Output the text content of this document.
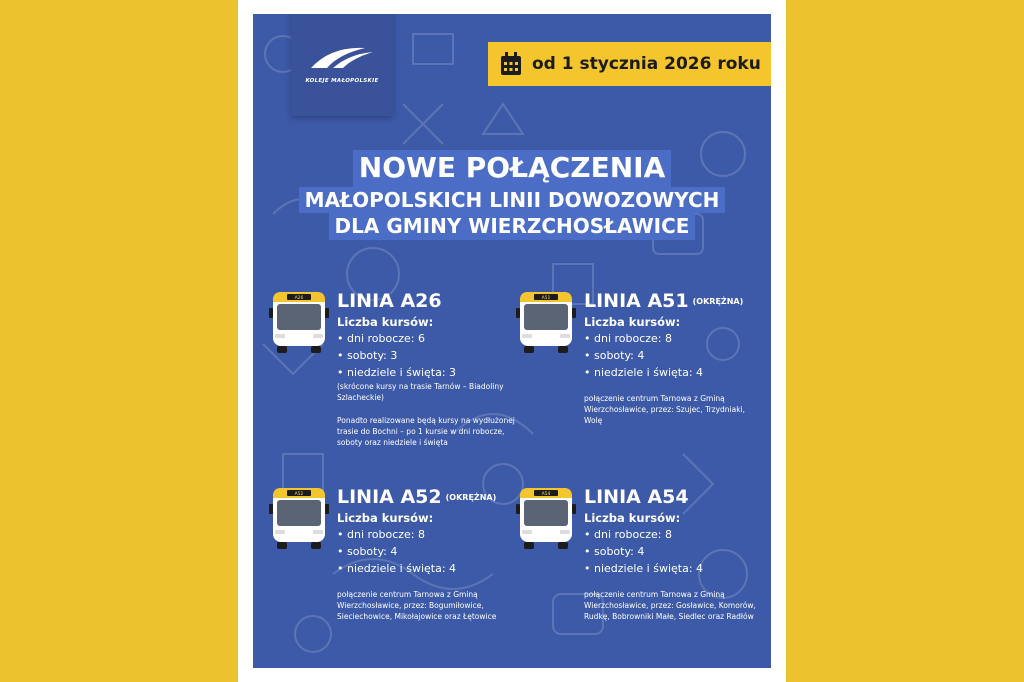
KOLEJE MAŁOPOLSKIE
od 1 stycznia 2026 roku
NOWE POŁĄCZENIA
MAŁOPOLSKICH LINII DOWOZOWYCH
DLA GMINY WIERZCHOSŁAWICE
A26 LINIA A26
Liczba kursów:
• dni robocze: 6
• soboty: 3
• niedziele i święta: 3
(skrócone kursy na trasie Tarnów – Biadoliny Szlacheckie)
Ponadto realizowane będą kursy na wydłużonej trasie do Bochni – po 1 kursie w dni robocze, soboty oraz niedziele i święta
A51 LINIA A51 (OKRĘŻNA)
Liczba kursów:
• dni robocze: 8
• soboty: 4
• niedziele i święta: 4
połączenie centrum Tarnowa z Gminą Wierzchosławice, przez: Szujec, Trzydniaki, Wolę
A52 LINIA A52 (OKRĘŻNA)
Liczba kursów:
• dni robocze: 8
• soboty: 4
• niedziele i święta: 4
połączenie centrum Tarnowa z Gminą Wierzchosławice, przez: Bogumiłowice, Sieciechowice, Mikołajowice oraz Łętowice
A54 LINIA A54
Liczba kursów:
• dni robocze: 8
• soboty: 4
• niedziele i święta: 4
połączenie centrum Tarnowa z Gminą Wierzchosławice, przez: Gosławice, Komorów, Rudkę, Bobrowniki Małe, Siedlec oraz Radłów
